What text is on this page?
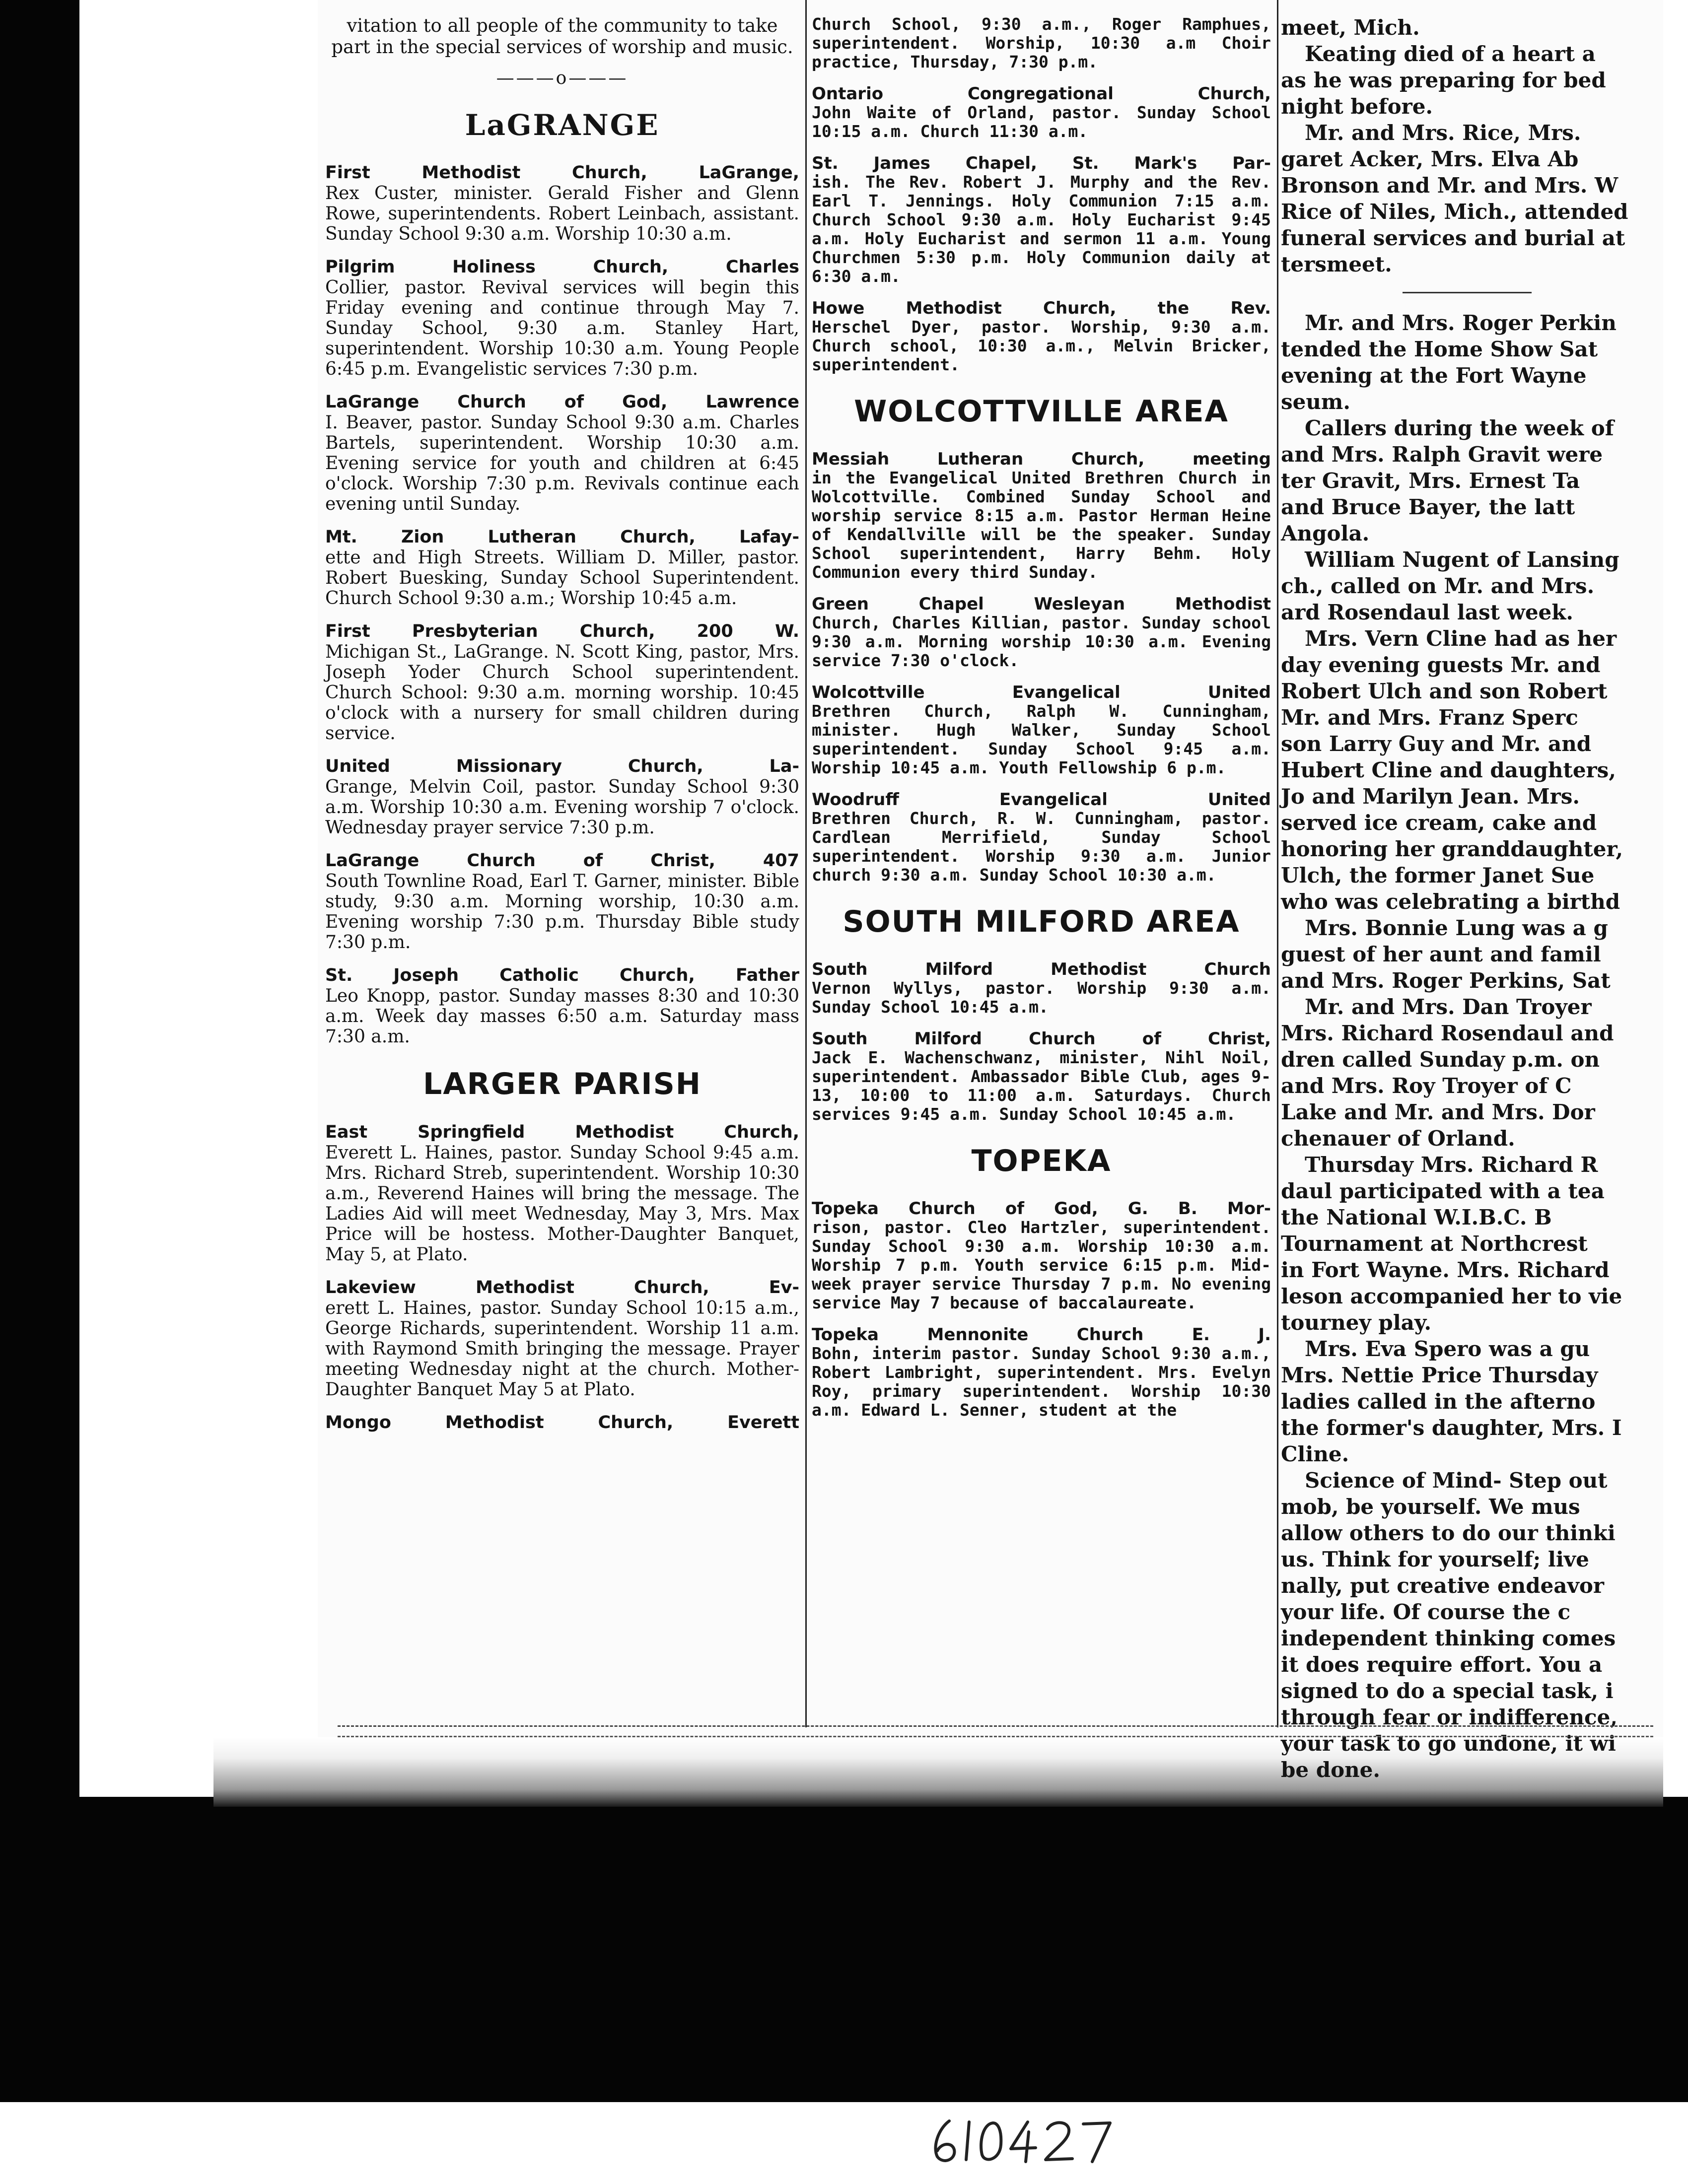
vitation to all people of the community to take part in the special services of worship and music.
———o———
LaGRANGE
First Methodist Church, LaGrange,
Rex Custer, minister. Gerald Fisher and Glenn Rowe, superintendents. Robert Leinbach, assistant. Sunday School 9:30 a.m. Worship 10:30 a.m.
Pilgrim Holiness Church, Charles
Collier, pastor. Revival services will begin this Friday evening and continue through May 7. Sunday School, 9:30 a.m. Stanley Hart, superintendent. Worship 10:30 a.m. Young People 6:45 p.m. Evangelistic services 7:30 p.m.
LaGrange Church of God, Lawrence
I. Beaver, pastor. Sunday School 9:30 a.m. Charles Bartels, superintendent. Worship 10:30 a.m. Evening service for youth and children at 6:45 o'clock. Worship 7:30 p.m. Revivals continue each evening until Sunday.
Mt. Zion Lutheran Church, Lafay-
ette and High Streets. William D. Miller, pastor. Robert Buesking, Sunday School Superintendent. Church School 9:30 a.m.; Worship 10:45 a.m.
First Presbyterian Church, 200 W.
Michigan St., LaGrange. N. Scott King, pastor, Mrs. Joseph Yoder Church School superintendent. Church School: 9:30 a.m. morning worship. 10:45 o'clock with a nursery for small children during service.
United Missionary Church, La-
Grange, Melvin Coil, pastor. Sunday School 9:30 a.m. Worship 10:30 a.m. Evening worship 7 o'clock. Wednesday prayer service 7:30 p.m.
LaGrange Church of Christ, 407
South Townline Road, Earl T. Garner, minister. Bible study, 9:30 a.m. Morning worship, 10:30 a.m. Evening worship 7:30 p.m. Thursday Bible study 7:30 p.m.
St. Joseph Catholic Church, Father
Leo Knopp, pastor. Sunday masses 8:30 and 10:30 a.m. Week day masses 6:50 a.m. Saturday mass 7:30 a.m.
LARGER PARISH
East Springfield Methodist Church,
Everett L. Haines, pastor. Sunday School 9:45 a.m. Mrs. Richard Streb, superintendent. Worship 10:30 a.m., Reverend Haines will bring the message. The Ladies Aid will meet Wednesday, May 3, Mrs. Max Price will be hostess. Mother-Daughter Banquet, May 5, at Plato.
Lakeview Methodist Church, Ev-
erett L. Haines, pastor. Sunday School 10:15 a.m., George Richards, superintendent. Worship 11 a.m. with Raymond Smith bringing the message. Prayer meeting Wednesday night at the church. Mother-Daughter Banquet May 5 at Plato.
Mongo Methodist Church, Everett
Church School, 9:30 a.m., Roger Ramphues, superintendent. Worship, 10:30 a.m Choir practice, Thursday, 7:30 p.m.
Ontario Congregational Church,
John Waite of Orland, pastor. Sunday School 10:15 a.m. Church 11:30 a.m.
St. James Chapel, St. Mark's Par-
ish. The Rev. Robert J. Murphy and the Rev. Earl T. Jennings. Holy Communion 7:15 a.m. Church School 9:30 a.m. Holy Eucharist 9:45 a.m. Holy Eucharist and sermon 11 a.m. Young Churchmen 5:30 p.m. Holy Communion daily at 6:30 a.m.
Howe Methodist Church, the Rev.
Herschel Dyer, pastor. Worship, 9:30 a.m. Church school, 10:30 a.m., Melvin Bricker, superintendent.
WOLCOTTVILLE AREA
Messiah Lutheran Church, meeting
in the Evangelical United Brethren Church in Wolcottville. Combined Sunday School and worship service 8:15 a.m. Pastor Herman Heine of Kendallville will be the speaker. Sunday School superintendent, Harry Behm. Holy Communion every third Sunday.
Green Chapel Wesleyan Methodist
Church, Charles Killian, pastor. Sunday school 9:30 a.m. Morning worship 10:30 a.m. Evening service 7:30 o'clock.
Wolcottville Evangelical United
Brethren Church, Ralph W. Cunningham, minister. Hugh Walker, Sunday School superintendent. Sunday School 9:45 a.m. Worship 10:45 a.m. Youth Fellowship 6 p.m.
Woodruff Evangelical United
Brethren Church, R. W. Cunningham, pastor. Cardlean Merrifield, Sunday School superintendent. Worship 9:30 a.m. Junior church 9:30 a.m. Sunday School 10:30 a.m.
SOUTH MILFORD AREA
South Milford Methodist Church
Vernon Wyllys, pastor. Worship 9:30 a.m. Sunday School 10:45 a.m.
South Milford Church of Christ,
Jack E. Wachenschwanz, minister, Nihl Noil, superintendent. Ambassador Bible Club, ages 9-13, 10:00 to 11:00 a.m. Saturdays. Church services 9:45 a.m. Sunday School 10:45 a.m.
TOPEKA
Topeka Church of God, G. B. Mor-
rison, pastor. Cleo Hartzler, superintendent. Sunday School 9:30 a.m. Worship 10:30 a.m. Worship 7 p.m. Youth service 6:15 p.m. Mid-week prayer service Thursday 7 p.m. No evening service May 7 because of baccalaureate.
Topeka Mennonite Church E. J.
Bohn, interim pastor. Sunday School 9:30 a.m., Robert Lambright, superintendent. Mrs. Evelyn Roy, primary superintendent. Worship 10:30 a.m. Edward L. Senner, student at the

meet, Mich.

Keating died of a heart a

as he was preparing for bed

night before.

Mr. and Mrs. Rice, Mrs.

garet Acker, Mrs. Elva Ab

Bronson and Mr. and Mrs. W

Rice of Niles, Mich., attended

funeral services and burial at

tersmeet.

Mr. and Mrs. Roger Perkin

tended the Home Show Sat

evening at the Fort Wayne

seum.

Callers during the week of

and Mrs. Ralph Gravit were

ter Gravit, Mrs. Ernest Ta

and Bruce Bayer, the latt

Angola.

William Nugent of Lansing

ch., called on Mr. and Mrs.

ard Rosendaul last week.

Mrs. Vern Cline had as her

day evening guests Mr. and

Robert Ulch and son Robert

Mr. and Mrs. Franz Sperc

son Larry Guy and Mr. and

Hubert Cline and daughters,

Jo and Marilyn Jean. Mrs.

served ice cream, cake and

honoring her granddaughter,

Ulch, the former Janet Sue

who was celebrating a birthd

Mrs. Bonnie Lung was a g

guest of her aunt and famil

and Mrs. Roger Perkins, Sat

Mr. and Mrs. Dan Troyer

Mrs. Richard Rosendaul and

dren called Sunday p.m. on

and Mrs. Roy Troyer of C

Lake and Mr. and Mrs. Dor

chenauer of Orland.

Thursday Mrs. Richard R

daul participated with a tea

the National W.I.B.C. B

Tournament at Northcrest

in Fort Wayne. Mrs. Richard

leson accompanied her to vie

tourney play.

Mrs. Eva Spero was a gu

Mrs. Nettie Price Thursday

ladies called in the afterno

the former's daughter, Mrs. I

Cline.

Science of Mind- Step out

mob, be yourself. We mus

allow others to do our thinki

us. Think for yourself; live

nally, put creative endeavor

your life. Of course the c

independent thinking comes

it does require effort. You a

signed to do a special task, i

through fear or indifference,

your task to go undone, it wi

be done.
